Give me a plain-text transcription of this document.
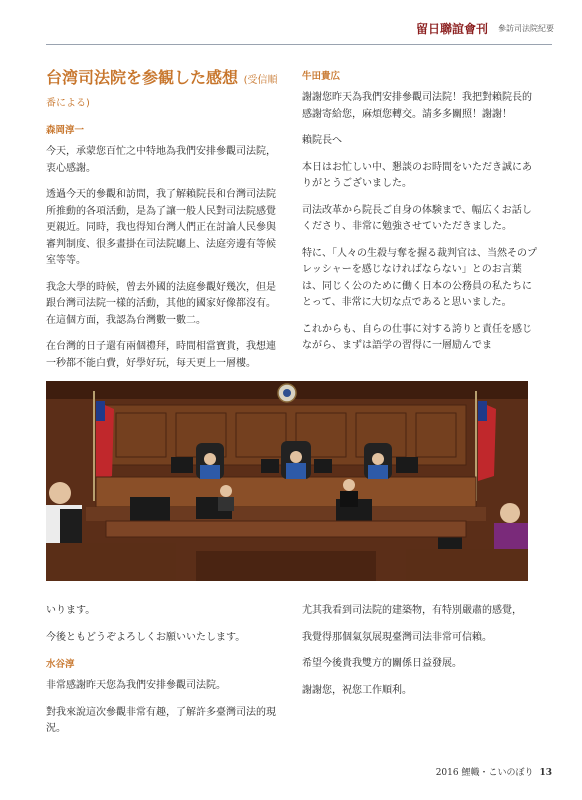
留日聯誼會刊 參訪司法院紀要
台湾司法院を参観した感想 (受信順番による)
森岡淳一

今天，承蒙您百忙之中特地為我們安排參觀司法院，衷心感謝。

透過今天的參觀和訪問，我了解賴院長和台灣司法院所推動的各項活動，是為了讓一般人民對司法院感覺更親近。同時，我也得知台灣人們正在討論人民參與審判制度、很多畫掛在司法院廳上、法庭旁邊有等候室等等。

我念大學的時候，曾去外國的法庭參觀好幾次，但是跟台灣司法院一樣的活動，其他的國家好像都沒有。在這個方面，我認為台灣數一數二。

在台灣的日子還有兩個禮拜，時間相當寶貴，我想連一秒都不能白費，好學好玩，每天更上一層樓。

牛田貴広

謝謝您昨天為我們安排參觀司法院！我把對賴院長的感謝寄給您，麻煩您轉交。請多多關照！謝謝！

賴院長へ

本日はお忙しい中、懇談のお時間をいただき誠にありがとうございました。

司法改革から院長ご自身の体験まで、幅広くお話しくださり、非常に勉強させていただきました。

特に、「人々の生殺与奪を握る裁判官は、当然そのプレッシャーを感じなければならない」とのお言葉は、同じく公のために働く日本の公務員の私たちにとって、非常に大切な点であると思いました。

これからも、自らの仕事に対する誇りと責任を感じながら、まずは語学の習得に一層励んでま

いります。

今後ともどうぞよろしくお願いいたします。

水谷淳

非常感謝昨天您為我們安排參觀司法院。

對我來說這次參觀非常有趣，了解許多臺灣司法的現況。

尤其我看到司法院的建築物，有特別嚴肅的感覺，

我覺得那個氣氛展現臺灣司法非常可信賴。

希望今後貴我雙方的關係日益發展。

謝謝您，祝您工作順利。

2016 鯉幟・こいのぼり 13
